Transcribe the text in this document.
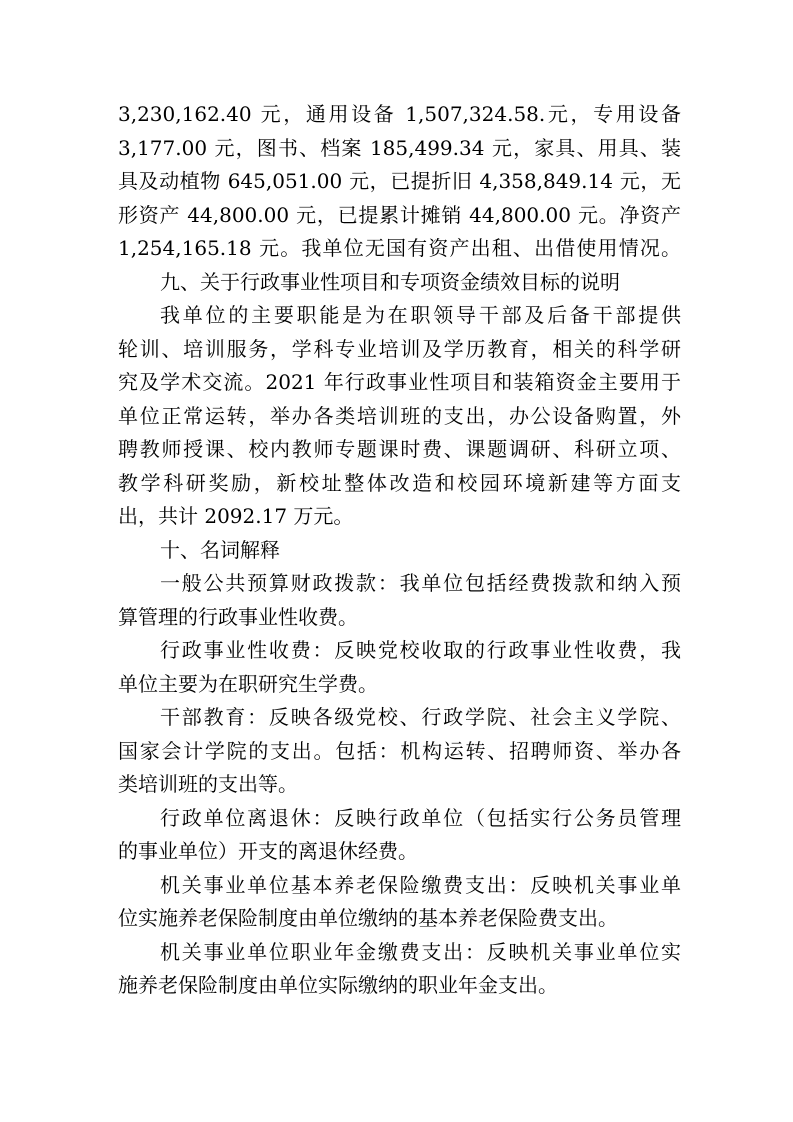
3,230,162.40 元，通用设备 1,507,324.58.元，专用设备
3,177.00 元，图书、档案 185,499.34 元，家具、用具、装
具及动植物 645,051.00 元，已提折旧 4,358,849.14 元，无
形资产 44,800.00 元，已提累计摊销 44,800.00 元。净资产
1,254,165.18 元。我单位无国有资产出租、出借使用情况。
九、关于行政事业性项目和专项资金绩效目标的说明
我单位的主要职能是为在职领导干部及后备干部提供
轮训、培训服务，学科专业培训及学历教育，相关的科学研
究及学术交流。2021 年行政事业性项目和装箱资金主要用于
单位正常运转，举办各类培训班的支出，办公设备购置，外
聘教师授课、校内教师专题课时费、课题调研、科研立项、
教学科研奖励，新校址整体改造和校园环境新建等方面支
出，共计 2092.17 万元。
十、名词解释
一般公共预算财政拨款：我单位包括经费拨款和纳入预
算管理的行政事业性收费。
行政事业性收费：反映党校收取的行政事业性收费，我
单位主要为在职研究生学费。
干部教育：反映各级党校、行政学院、社会主义学院、
国家会计学院的支出。包括：机构运转、招聘师资、举办各
类培训班的支出等。
行政单位离退休：反映行政单位（包括实行公务员管理
的事业单位）开支的离退休经费。
机关事业单位基本养老保险缴费支出：反映机关事业单
位实施养老保险制度由单位缴纳的基本养老保险费支出。
机关事业单位职业年金缴费支出：反映机关事业单位实
施养老保险制度由单位实际缴纳的职业年金支出。
